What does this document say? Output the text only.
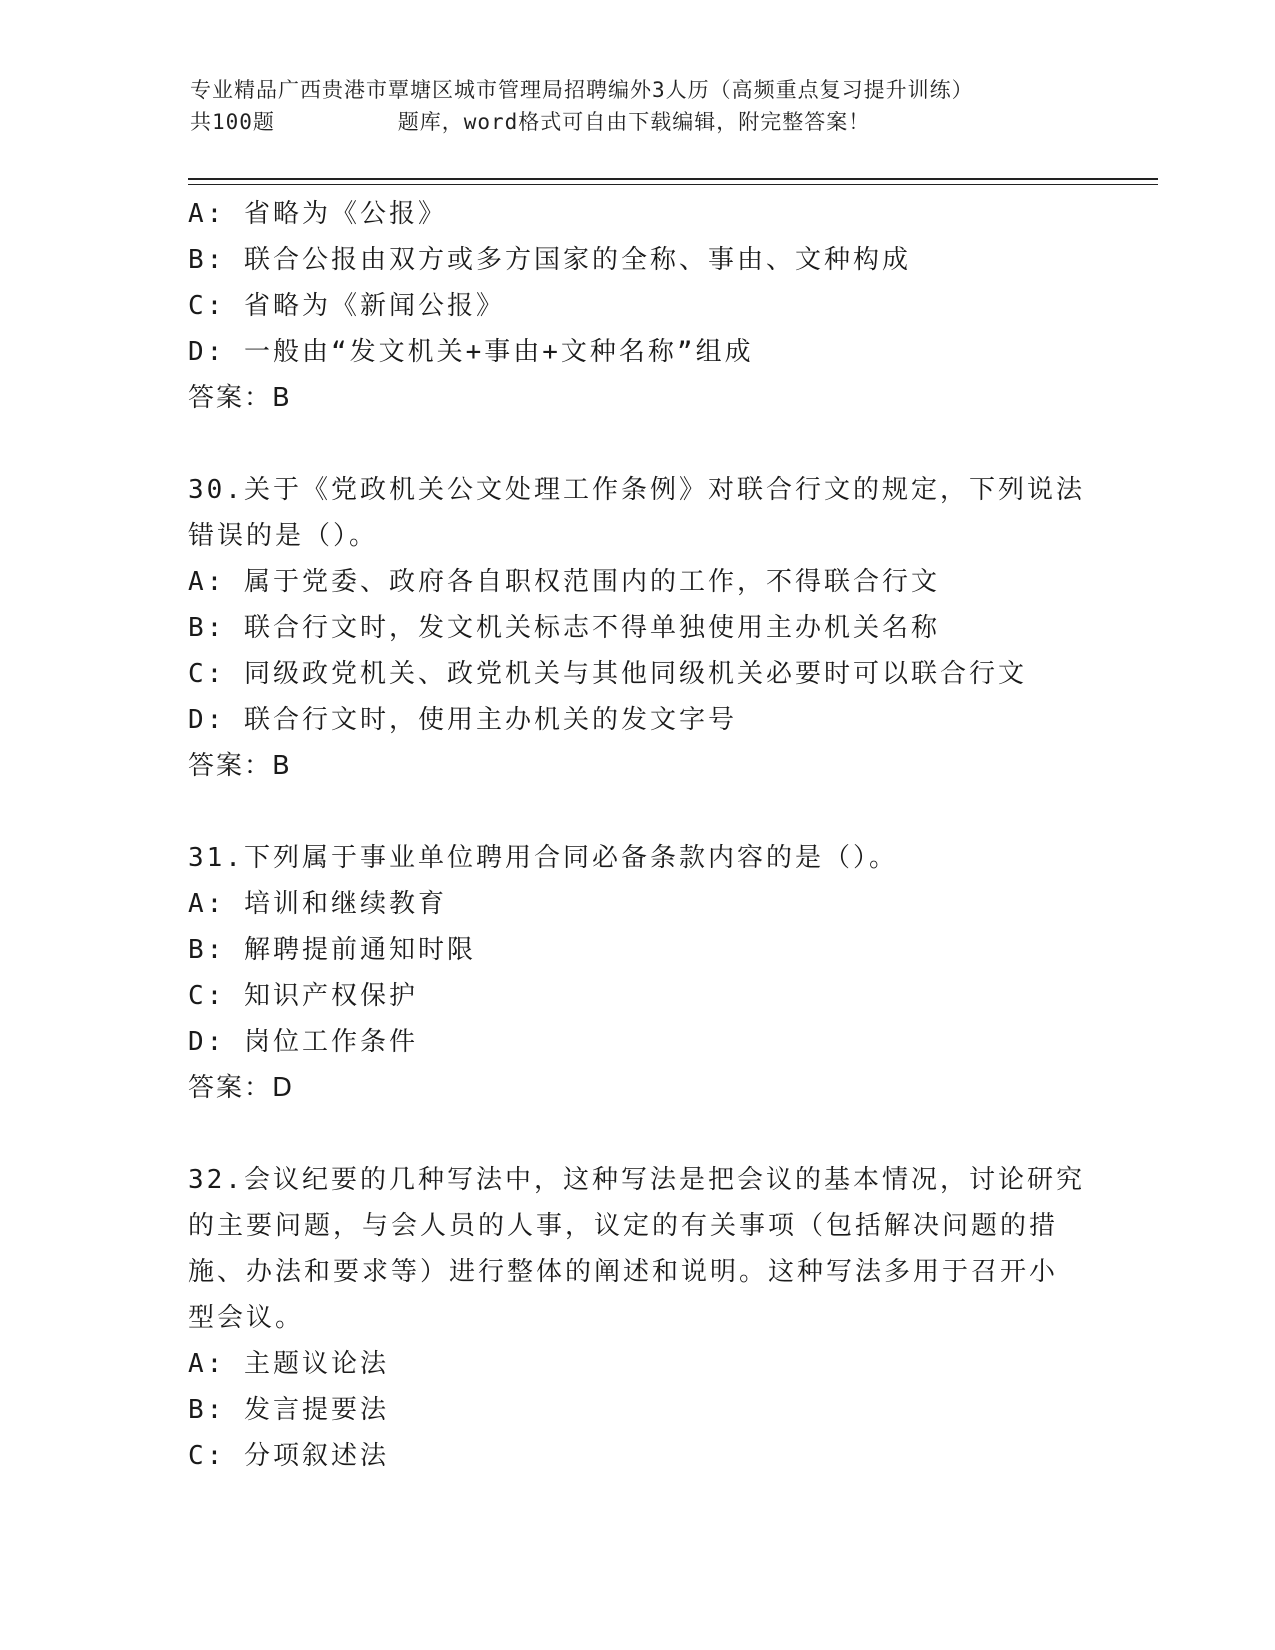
专业精品广西贵港市覃塘区城市管理局招聘编外3人历（高频重点复习提升训练）
共100题         题库，word格式可自由下载编辑，附完整答案！
A: 省略为《公报》
B: 联合公报由双方或多方国家的全称、事由、文种构成
C: 省略为《新闻公报》
D: 一般由“发文机关+事由+文种名称”组成
答案：B
30.关于《党政机关公文处理工作条例》对联合行文的规定，下列说法
错误的是（）。
A: 属于党委、政府各自职权范围内的工作，不得联合行文
B: 联合行文时，发文机关标志不得单独使用主办机关名称
C: 同级政党机关、政党机关与其他同级机关必要时可以联合行文
D: 联合行文时，使用主办机关的发文字号
答案：B
31.下列属于事业单位聘用合同必备条款内容的是（）。
A: 培训和继续教育
B: 解聘提前通知时限
C: 知识产权保护
D: 岗位工作条件
答案：D
32.会议纪要的几种写法中，这种写法是把会议的基本情况，讨论研究
的主要问题，与会人员的人事，议定的有关事项（包括解决问题的措
施、办法和要求等）进行整体的阐述和说明。这种写法多用于召开小
型会议。
A: 主题议论法
B: 发言提要法
C: 分项叙述法
